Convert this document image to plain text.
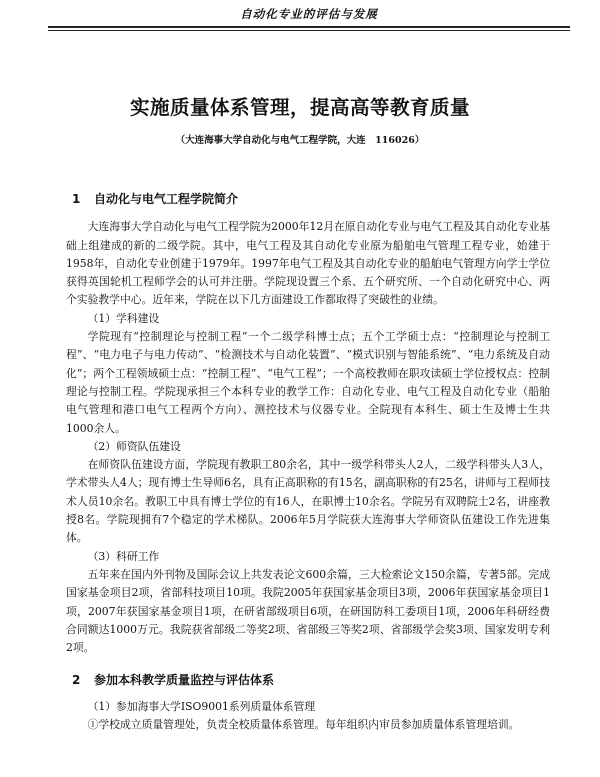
自动化专业的评估与发展
实施质量体系管理，提高高等教育质量
（大连海事大学自动化与电气工程学院，大连　116026）
1 自动化与电气工程学院简介

大连海事大学自动化与电气工程学院为2000年12月在原自动化专业与电气工程及其自动化专业基础上组建成的新的二级学院。其中，电气工程及其自动化专业原为船舶电气管理工程专业，始建于1958年，自动化专业创建于1979年。1997年电气工程及其自动化专业的船舶电气管理方向学士学位获得英国轮机工程师学会的认可并注册。学院现设置三个系、五个研究所、一个自动化研究中心、两个实验教学中心。近年来，学院在以下几方面建设工作都取得了突破性的业绩。

（1）学科建设

学院现有“控制理论与控制工程”一个二级学科博士点；五个工学硕士点：“控制理论与控制工程”、“电力电子与电力传动”、“检测技术与自动化装置”、“模式识别与智能系统”、“电力系统及自动化”；两个工程领域硕士点：“控制工程”、“电气工程”；一个高校教师在职攻读硕士学位授权点：控制理论与控制工程。学院现承担三个本科专业的教学工作：自动化专业、电气工程及自动化专业（船舶电气管理和港口电气工程两个方向）、测控技术与仪器专业。全院现有本科生、硕士生及博士生共1000余人。

（2）师资队伍建设

在师资队伍建设方面，学院现有教职工80余名，其中一级学科带头人2人，二级学科带头人3人，学术带头人4人；现有博士生导师6名，具有正高职称的有15名，副高职称的有25名，讲师与工程师技术人员10余名。教职工中具有博士学位的有16人，在职博士10余名。学院另有双聘院士2名，讲座教授8名。学院现拥有7个稳定的学术梯队。2006年5月学院获大连海事大学师资队伍建设工作先进集体。

（3）科研工作

五年来在国内外刊物及国际会议上共发表论文600余篇，三大检索论文150余篇，专著5部。完成国家基金项目2项，省部科技项目10项。我院2005年获国家基金项目3项，2006年获国家基金项目1项，2007年获国家基金项目1项，在研省部级项目6项，在研国防科工委项目1项，2006年科研经费合同额达1000万元。我院获省部级二等奖2项、省部级三等奖2项、省部级学会奖3项、国家发明专利2项。

2 参加本科教学质量监控与评估体系
（1）参加海事大学ISO9001系列质量体系管理

①学校成立质量管理处，负责全校质量体系管理。每年组织内审员参加质量体系管理培训。
